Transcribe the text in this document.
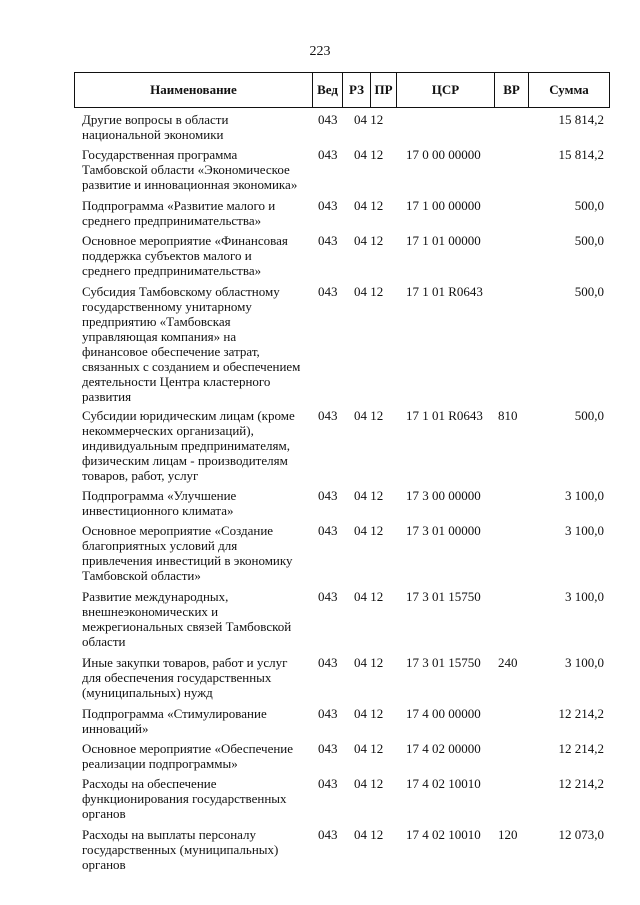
223
Наименование	Вед РЗ ПР	ЦСР	ВР	Сумма
Другие вопросы в области
национальной экономики
043	04 12	15 814,2
Государственная программа
Тамбовской области «Экономическое
развитие и инновационная экономика»
043	04 12	17 0 00 00000	15 814,2
Подпрограмма «Развитие малого и
среднего предпринимательства»
043	04 12	17 1 00 00000	500,0
Основное мероприятие «Финансовая
поддержка субъектов малого и
среднего предпринимательства»
043	04 12	17 1 01 00000	500,0
Субсидия Тамбовскому областному
государственному унитарному
предприятию «Тамбовская
управляющая компания» на
финансовое обеспечение затрат,
связанных с созданием и обеспечением
деятельности Центра кластерного
развития
043	04 12	17 1 01 R0643	500,0
Субсидии юридическим лицам (кроме
некоммерческих организаций),
индивидуальным предпринимателям,
физическим лицам - производителям
товаров, работ, услуг
043	04 12	17 1 01 R0643	810	500,0
Подпрограмма «Улучшение
инвестиционного климата»
043	04 12	17 3 00 00000	3 100,0
Основное мероприятие «Создание
благоприятных условий для
привлечения инвестиций в экономику
Тамбовской области»
043	04 12	17 3 01 00000	3 100,0
Развитие международных,
внешнеэкономических и
межрегиональных связей Тамбовской
области
043	04 12	17 3 01 15750	3 100,0
Иные закупки товаров, работ и услуг
для обеспечения государственных
(муниципальных) нужд
043	04 12	17 3 01 15750	240	3 100,0
Подпрограмма «Стимулирование
инноваций»
043	04 12	17 4 00 00000	12 214,2
Основное мероприятие «Обеспечение
реализации подпрограммы»
043	04 12	17 4 02 00000	12 214,2
Расходы на обеспечение
функционирования государственных
органов
043	04 12	17 4 02 10010	12 214,2
Расходы на выплаты персоналу
государственных (муниципальных)
органов
043	04 12	17 4 02 10010	120	12 073,0
